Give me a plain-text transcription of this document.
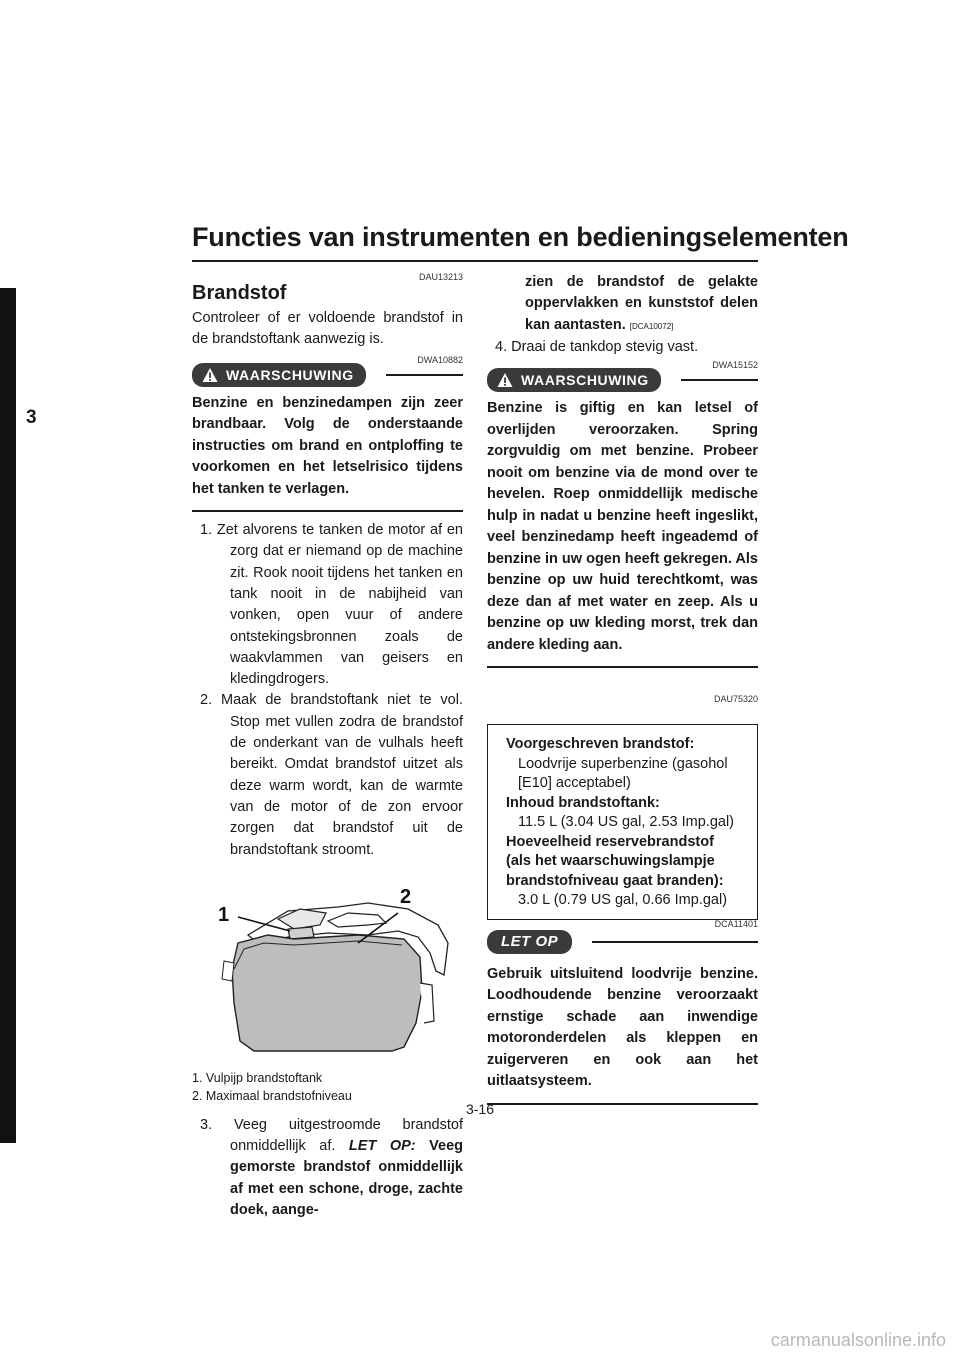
Functies van instrumenten en bedieningselementen
3
DAU13213
Brandstof

Controleer of er voldoende brandstof in de brandstoftank aanwezig is.

DWA10882
WAARSCHUWING
Benzine en benzinedampen zijn zeer brandbaar. Volg de onderstaande instructies om brand en ontploffing te voorkomen en het letselrisico tijdens het tanken te verlagen.
1. Zet alvorens te tanken de motor af en zorg dat er niemand op de machine zit. Rook nooit tijdens het tanken en tank nooit in de nabijheid van vonken, open vuur of andere ontstekingsbronnen zoals de waakvlammen van geisers en kledingdrogers.
2. Maak de brandstoftank niet te vol. Stop met vullen zodra de brandstof de onderkant van de vulhals heeft bereikt. Omdat brandstof uitzet als deze warm wordt, kan de warmte van de motor of de zon ervoor zorgen dat brandstof uit de brandstoftank stroomt.
1
2
1. Vulpijp brandstoftank
2. Maximaal brandstofniveau
3. Veeg uitgestroomde brandstof onmiddellijk af. LET OP: Veeg gemorste brandstof onmiddellijk af met een schone, droge, zachte doek, aange-

zien de brandstof de gelakte oppervlakken en kunststof delen kan aantasten. [DCA10072]

4. Draai de tankdop stevig vast.

DWA15152
WAARSCHUWING
Benzine is giftig en kan letsel of overlijden veroorzaken. Spring zorgvuldig om met benzine. Probeer nooit om benzine via de mond over te hevelen. Roep onmiddellijk medische hulp in nadat u benzine heeft ingeslikt, veel benzinedamp heeft ingeademd of benzine in uw ogen heeft gekregen. Als benzine op uw huid terechtkomt, was deze dan af met water en zeep. Als u benzine op uw kleding morst, trek dan andere kleding aan.
DAU75320
Voorgeschreven brandstof:
Loodvrije superbenzine (gasohol [E10] acceptabel)
Inhoud brandstoftank:
11.5 L (3.04 US gal, 2.53 Imp.gal)
Hoeveelheid reservebrandstof (als het waarschuwingslampje brandstofniveau gaat branden):
3.0 L (0.79 US gal, 0.66 Imp.gal)
LET OP
DCA11401
Gebruik uitsluitend loodvrije benzine. Loodhoudende benzine veroorzaakt ernstige schade aan inwendige motoronderdelen als kleppen en zuigerveren en ook aan het uitlaatsysteem.
3-16
carmanualsonline.info
